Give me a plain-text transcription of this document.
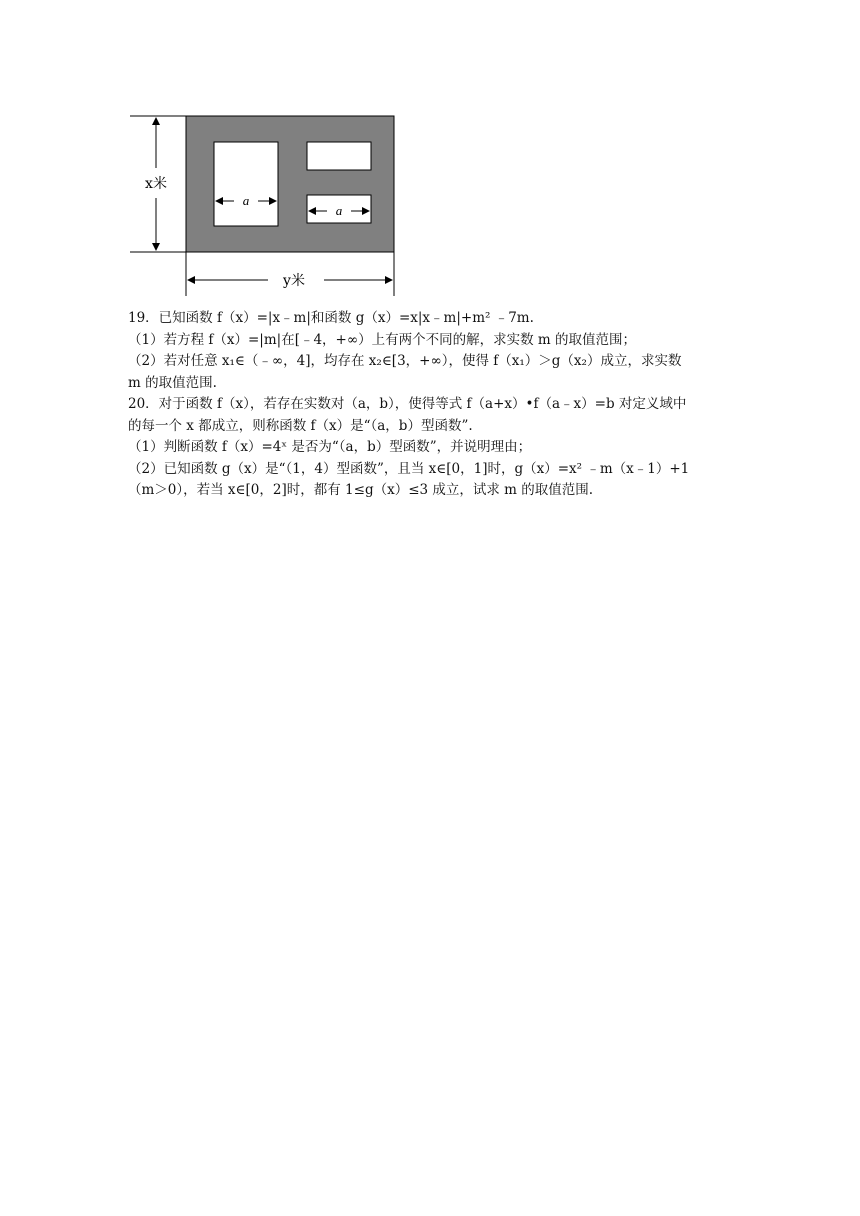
a
a
x米
y米
19．已知函数 f（x）=|x﹣m|和函数 g（x）=x|x﹣m|+m² ﹣7m.
（1）若方程 f（x）=|m|在[﹣4，+∞）上有两个不同的解，求实数 m 的取值范围；
（2）若对任意 x₁∈（﹣∞，4]，均存在 x₂∈[3，+∞），使得 f（x₁）＞g（x₂）成立，求实数
m 的取值范围.
20．对于函数 f（x），若存在实数对（a，b），使得等式 f（a+x）•f（a﹣x）=b 对定义域中
的每一个 x 都成立，则称函数 f（x）是“（a，b）型函数”.
（1）判断函数 f（x）=4ˣ 是否为“（a，b）型函数”，并说明理由；
（2）已知函数 g（x）是“（1，4）型函数”，且当 x∈[0，1]时，g（x）=x² ﹣m（x﹣1）+1
（m＞0），若当 x∈[0，2]时，都有 1≤g（x）≤3 成立，试求 m 的取值范围.
